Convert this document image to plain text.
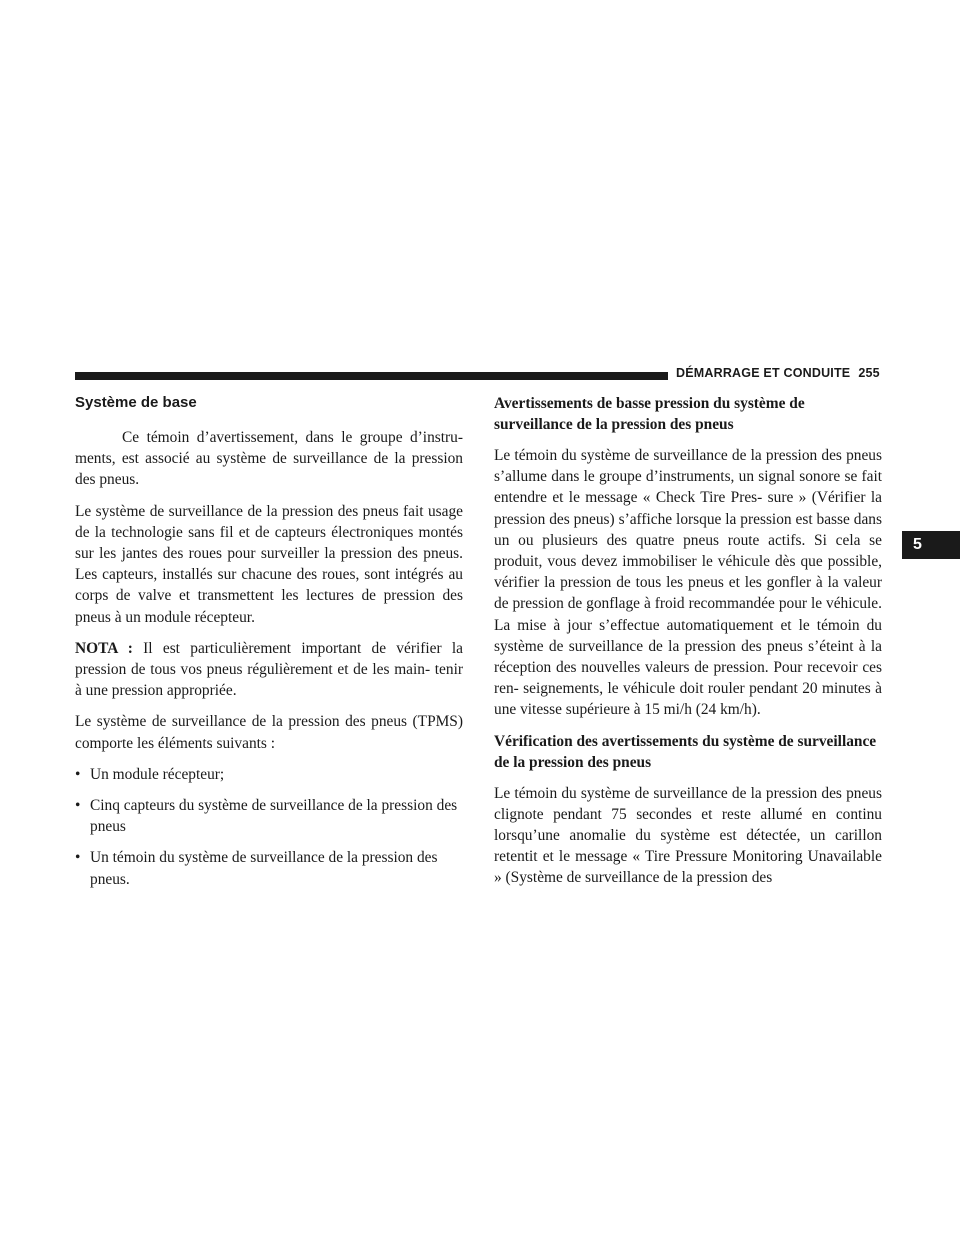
DÉMARRAGE ET CONDUITE 255
5
Système de base

Ce témoin d’avertissement, dans le groupe d’instru- ments, est associé au système de surveillance de la pression des pneus.

Le système de surveillance de la pression des pneus fait usage de la technologie sans fil et de capteurs électroniques montés sur les jantes des roues pour surveiller la pression des pneus. Les capteurs, installés sur chacune des roues, sont intégrés au corps de valve et transmettent les lectures de pression des pneus à un module récepteur.

NOTA : Il est particulièrement important de vérifier la pression de tous vos pneus régulièrement et de les main- tenir à une pression appropriée.

Le système de surveillance de la pression des pneus (TPMS) comporte les éléments suivants :

• Un module récepteur;
• Cinq capteurs du système de surveillance de la pression des pneus
• Un témoin du système de surveillance de la pression des pneus.
Avertissements de basse pression du système de surveillance de la pression des pneus

Le témoin du système de surveillance de la pression des pneus s’allume dans le groupe d’instruments, un signal sonore se fait entendre et le message « Check Tire Pres- sure » (Vérifier la pression des pneus) s’affiche lorsque la pression est basse dans un ou plusieurs des quatre pneus route actifs. Si cela se produit, vous devez immobiliser le véhicule dès que possible, vérifier la pression de tous les pneus et les gonfler à la valeur de pression de gonflage à froid recommandée pour le véhicule. La mise à jour s’effectue automatiquement et le témoin du système de surveillance de la pression des pneus s’éteint à la réception des nouvelles valeurs de pression. Pour recevoir ces ren- seignements, le véhicule doit rouler pendant 20 minutes à une vitesse supérieure à 15 mi/h (24 km/h).

Vérification des avertissements du système de surveillance de la pression des pneus

Le témoin du système de surveillance de la pression des pneus clignote pendant 75 secondes et reste allumé en continu lorsqu’une anomalie du système est détectée, un carillon retentit et le message « Tire Pressure Monitoring Unavailable » (Système de surveillance de la pression des
